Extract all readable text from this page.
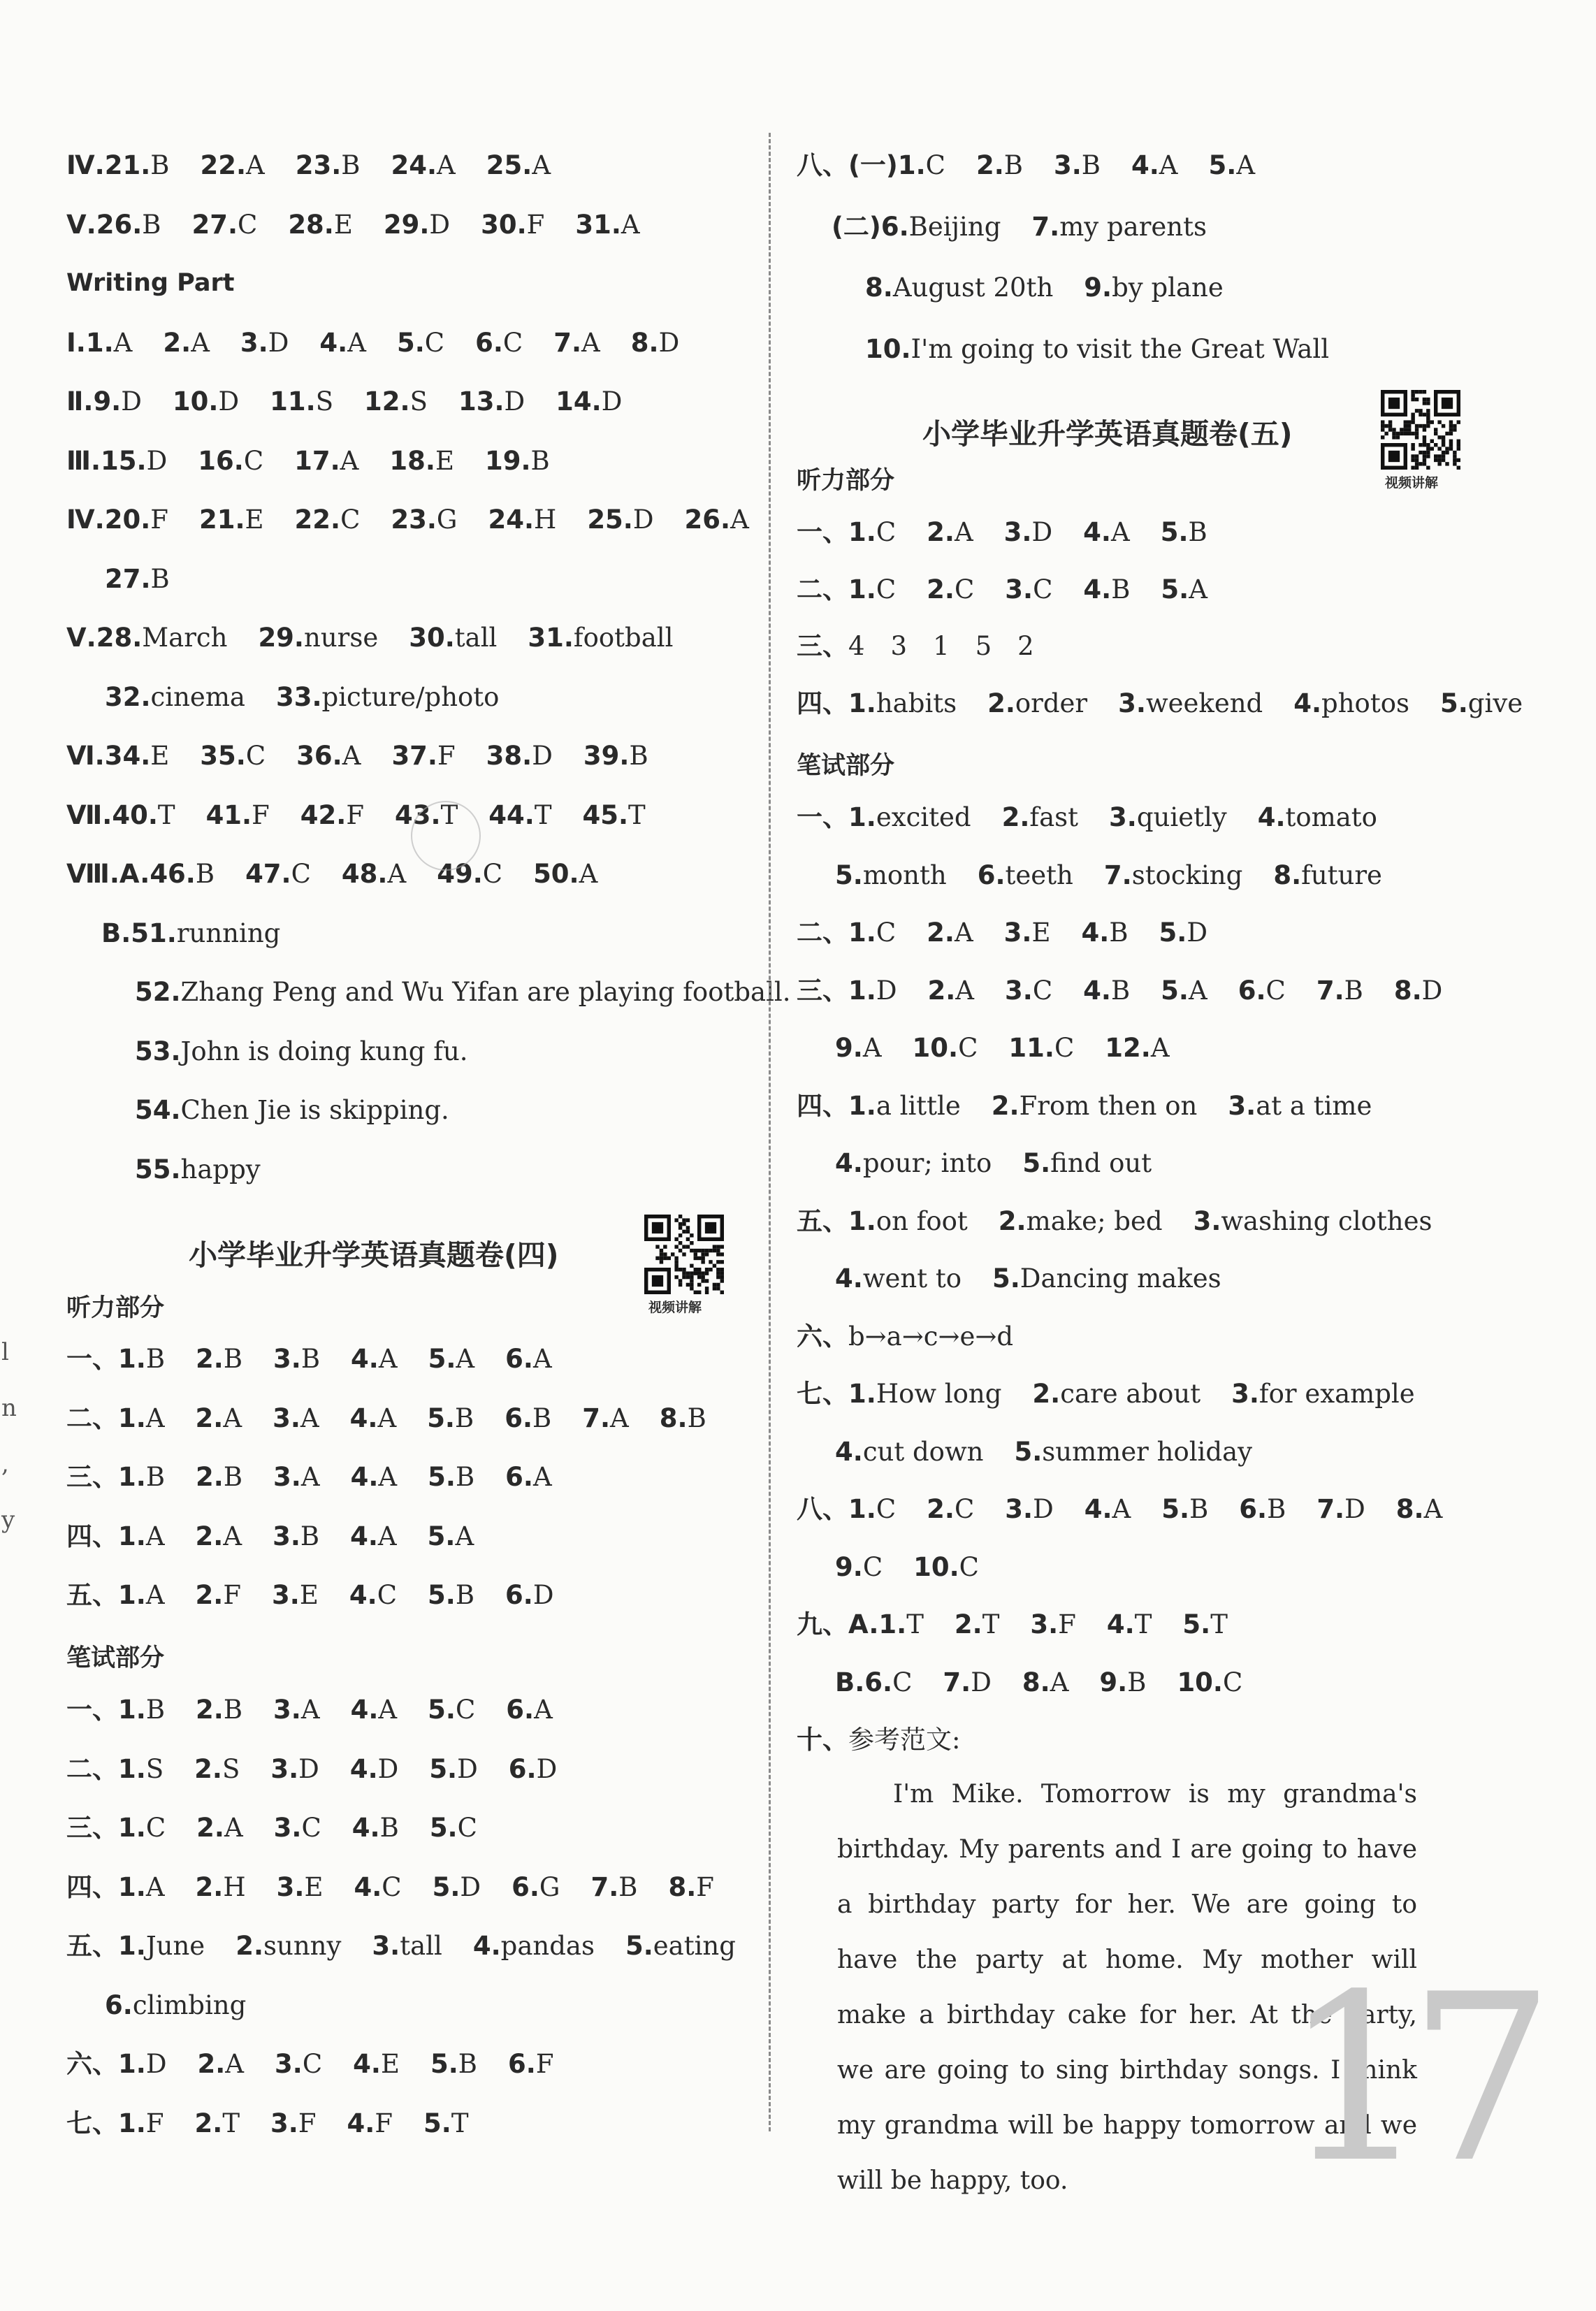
Ⅳ.21.B 22.A 23.B 24.A 25.A
Ⅴ.26.B 27.C 28.E 29.D 30.F 31.A
Writing Part
Ⅰ.1.A 2.A 3.D 4.A 5.C 6.C 7.A 8.D
Ⅱ.9.D 10.D 11.S 12.S 13.D 14.D
Ⅲ.15.D 16.C 17.A 18.E 19.B
Ⅳ.20.F 21.E 22.C 23.G 24.H 25.D 26.A
27.B
Ⅴ.28.March 29.nurse 30.tall 31.football
32.cinema 33.picture/photo
Ⅵ.34.E 35.C 36.A 37.F 38.D 39.B
Ⅶ.40.T 41.F 42.F 43.T 44.T 45.T
Ⅷ.A.46.B 47.C 48.A 49.C 50.A
B.51.running
52.Zhang Peng and Wu Yifan are playing football.
53.John is doing kung fu.
54.Chen Jie is skipping.
55.happy
小学毕业升学英语真题卷(四)
视频讲解
听力部分
一、1.B 2.B 3.B 4.A 5.A 6.A
二、1.A 2.A 3.A 4.A 5.B 6.B 7.A 8.B
三、1.B 2.B 3.A 4.A 5.B 6.A
四、1.A 2.A 3.B 4.A 5.A
五、1.A 2.F 3.E 4.C 5.B 6.D
笔试部分
一、1.B 2.B 3.A 4.A 5.C 6.A
二、1.S 2.S 3.D 4.D 5.D 6.D
三、1.C 2.A 3.C 4.B 5.C
四、1.A 2.H 3.E 4.C 5.D 6.G 7.B 8.F
五、1.June 2.sunny 3.tall 4.pandas 5.eating
6.climbing
六、1.D 2.A 3.C 4.E 5.B 6.F
七、1.F 2.T 3.F 4.F 5.T
八、(一)1.C 2.B 3.B 4.A 5.A
(二)6.Beijing 7.my parents
8.August 20th 9.by plane
10.I'm going to visit the Great Wall
小学毕业升学英语真题卷(五)
视频讲解
听力部分
一、1.C 2.A 3.D 4.A 5.B
二、1.C 2.C 3.C 4.B 5.A
三、4　3　1　5　2
四、1.habits 2.order 3.weekend 4.photos 5.give
笔试部分
一、1.excited 2.fast 3.quietly 4.tomato
5.month 6.teeth 7.stocking 8.future
二、1.C 2.A 3.E 4.B 5.D
三、1.D 2.A 3.C 4.B 5.A 6.C 7.B 8.D
9.A 10.C 11.C 12.A
四、1.a little 2.From then on 3.at a time
4.pour; into 5.find out
五、1.on foot 2.make; bed 3.washing clothes
4.went to 5.Dancing makes
六、b→a→c→e→d
七、1.How long 2.care about 3.for example
4.cut down 5.summer holiday
八、1.C 2.C 3.D 4.A 5.B 6.B 7.D 8.A
9.C 10.C
九、A.1.T 2.T 3.F 4.T 5.T
B.6.C 7.D 8.A 9.B 10.C
十、参考范文:
I'm Mike. Tomorrow is my grandma's birthday. My parents and I are going to have a birthday party for her. We are going to have the party at home. My mother will make a birthday cake for her. At the party, we are going to sing birthday songs. I think my grandma will be happy tomorrow and we will be happy, too. 17
l
n
,
y
